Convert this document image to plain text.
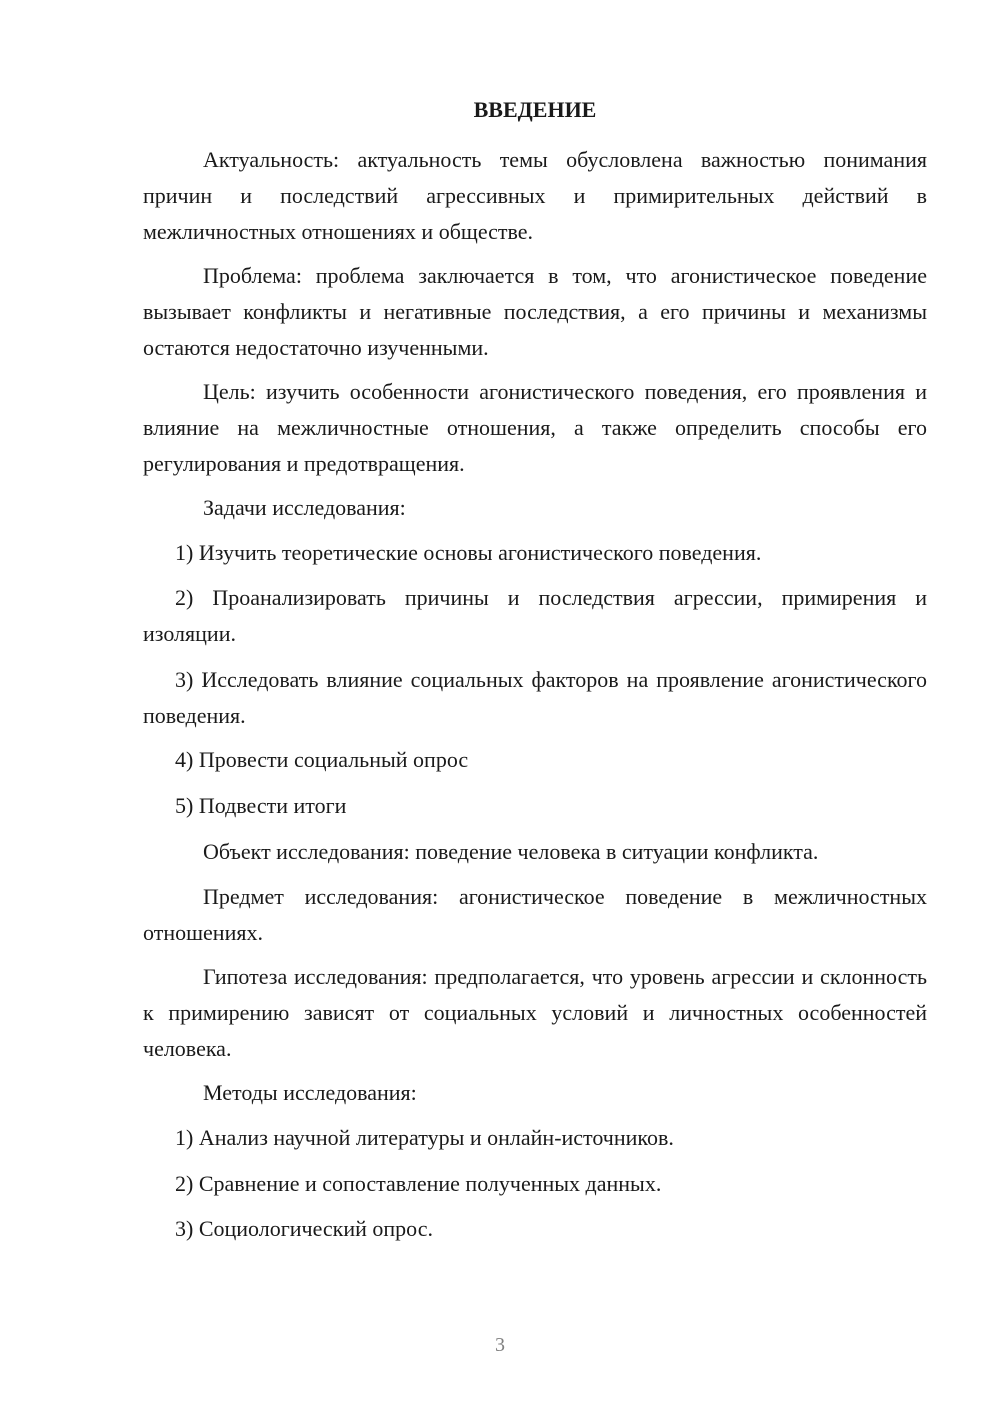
ВВЕДЕНИЕ

Актуальность: актуальность темы обусловлена важностью понимания причин и последствий агрессивных и примирительных действий в межличностных отношениях и обществе.

Проблема: проблема заключается в том, что агонистическое поведение вызывает конфликты и негативные последствия, а его причины и механизмы остаются недостаточно изученными.

Цель: изучить особенности агонистического поведения, его проявления и влияние на межличностные отношения, а также определить способы его регулирования и предотвращения.

Задачи исследования:

1) Изучить теоретические основы агонистического поведения.

2) Проанализировать причины и последствия агрессии, примирения и изоляции.

3) Исследовать влияние социальных факторов на проявление агонистического поведения.

4) Провести социальный опрос

5) Подвести итоги

Объект исследования: поведение человека в ситуации конфликта.

Предмет исследования: агонистическое поведение в межличностных отношениях.

Гипотеза исследования: предполагается, что уровень агрессии и склонность к примирению зависят от социальных условий и личностных особенностей человека.

Методы исследования:

1) Анализ научной литературы и онлайн-источников.

2) Сравнение и сопоставление полученных данных.

3) Социологический опрос.

3
